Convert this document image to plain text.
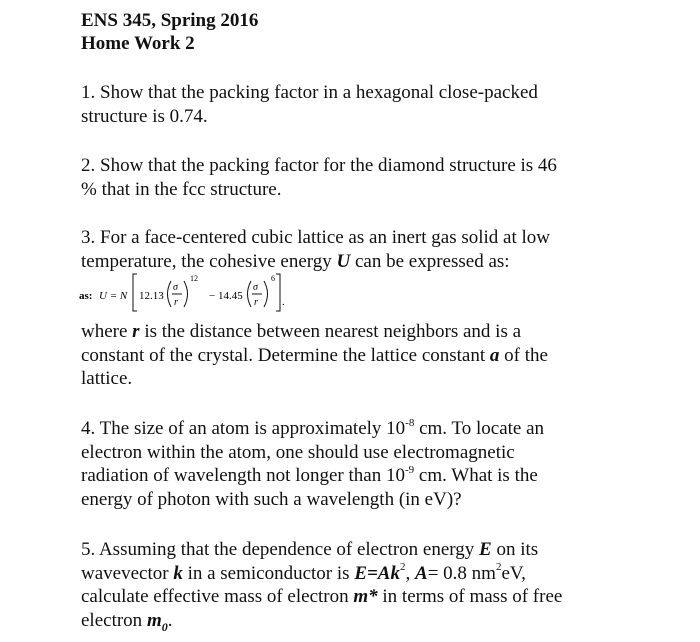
ENS 345, Spring 2016
Home Work 2
1. Show that the packing factor in a hexagonal close-packed
structure is 0.74.
2. Show that the packing factor for the diamond structure is 46
% that in the fcc structure.
3. For a face-centered cubic lattice as an inert gas solid at low
temperature, the cohesive energy U can be expressed as:
as: U = N 12.13
σ
r
12
− 14.45
σ
r
6
.
where r is the distance between nearest neighbors and is a
constant of the crystal. Determine the lattice constant a of the
lattice.
4. The size of an atom is approximately $10^{-8}$ cm. To locate an
electron within the atom, one should use electromagnetic
radiation of wavelength not longer than $10^{-9}$ cm. What is the
energy of photon with such a wavelength (in eV)?
5. Assuming that the dependence of electron energy E on its
wavevector k in a semiconductor is $E=Ak^2$, A= 0.8 $nm^2eV$,
calculate effective mass of electron m* in terms of mass of free
electron $m_0$.
